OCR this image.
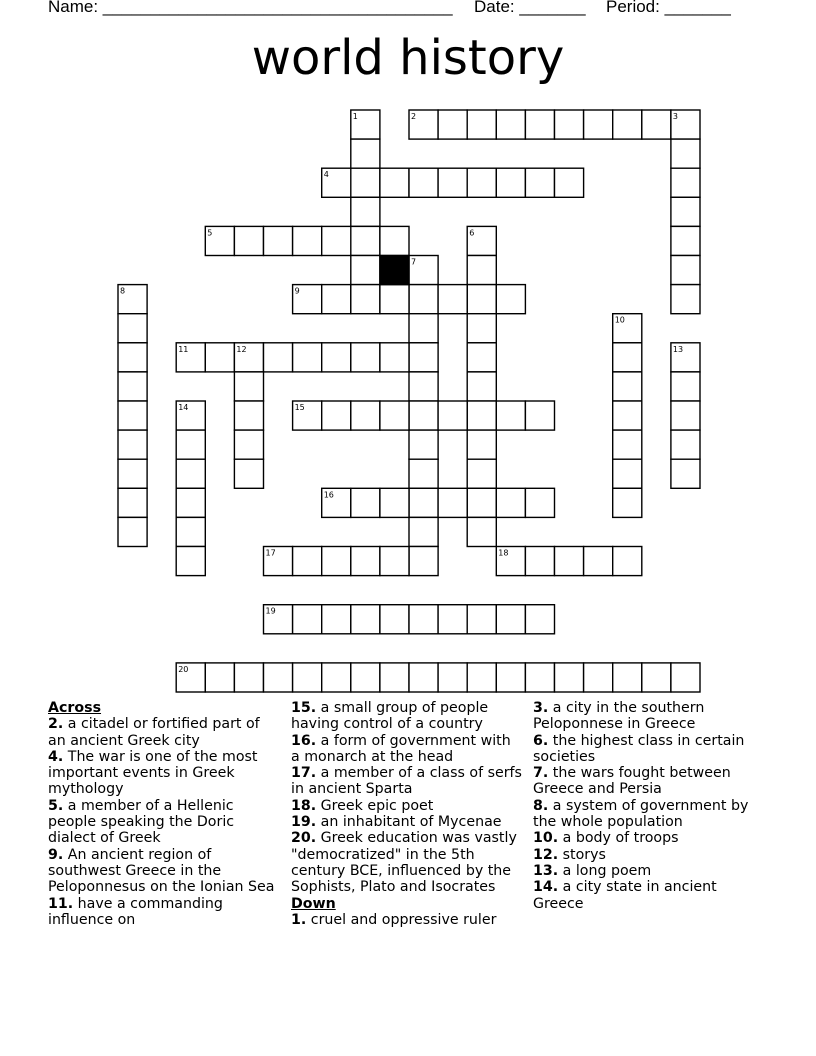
Name: _____________________________________ Date: _______ Period: _______
world history
1	2	3
4
5	6
7
8	9
10
11	12	13
14	15
16
17	18
19
20
Across
2. a citadel or fortified part of an ancient Greek city
4. The war is one of the most important events in Greek mythology
5. a member of a Hellenic people speaking the Doric dialect of Greek
9. An ancient region of southwest Greece in the Peloponnesus on the Ionian Sea
11. have a commanding influence on
15. a small group of people having control of a country
16. a form of government with a monarch at the head
17. a member of a class of serfs in ancient Sparta
18. Greek epic poet
19. an inhabitant of Mycenae
20. Greek education was vastly "democratized" in the 5th century BCE, influenced by the Sophists, Plato and Isocrates
Down
1. cruel and oppressive ruler
3. a city in the southern Peloponnese in Greece
6. the highest class in certain societies
7. the wars fought between Greece and Persia
8. a system of government by the whole population
10. a body of troops
12. storys
13. a long poem
14. a city state in ancient Greece
